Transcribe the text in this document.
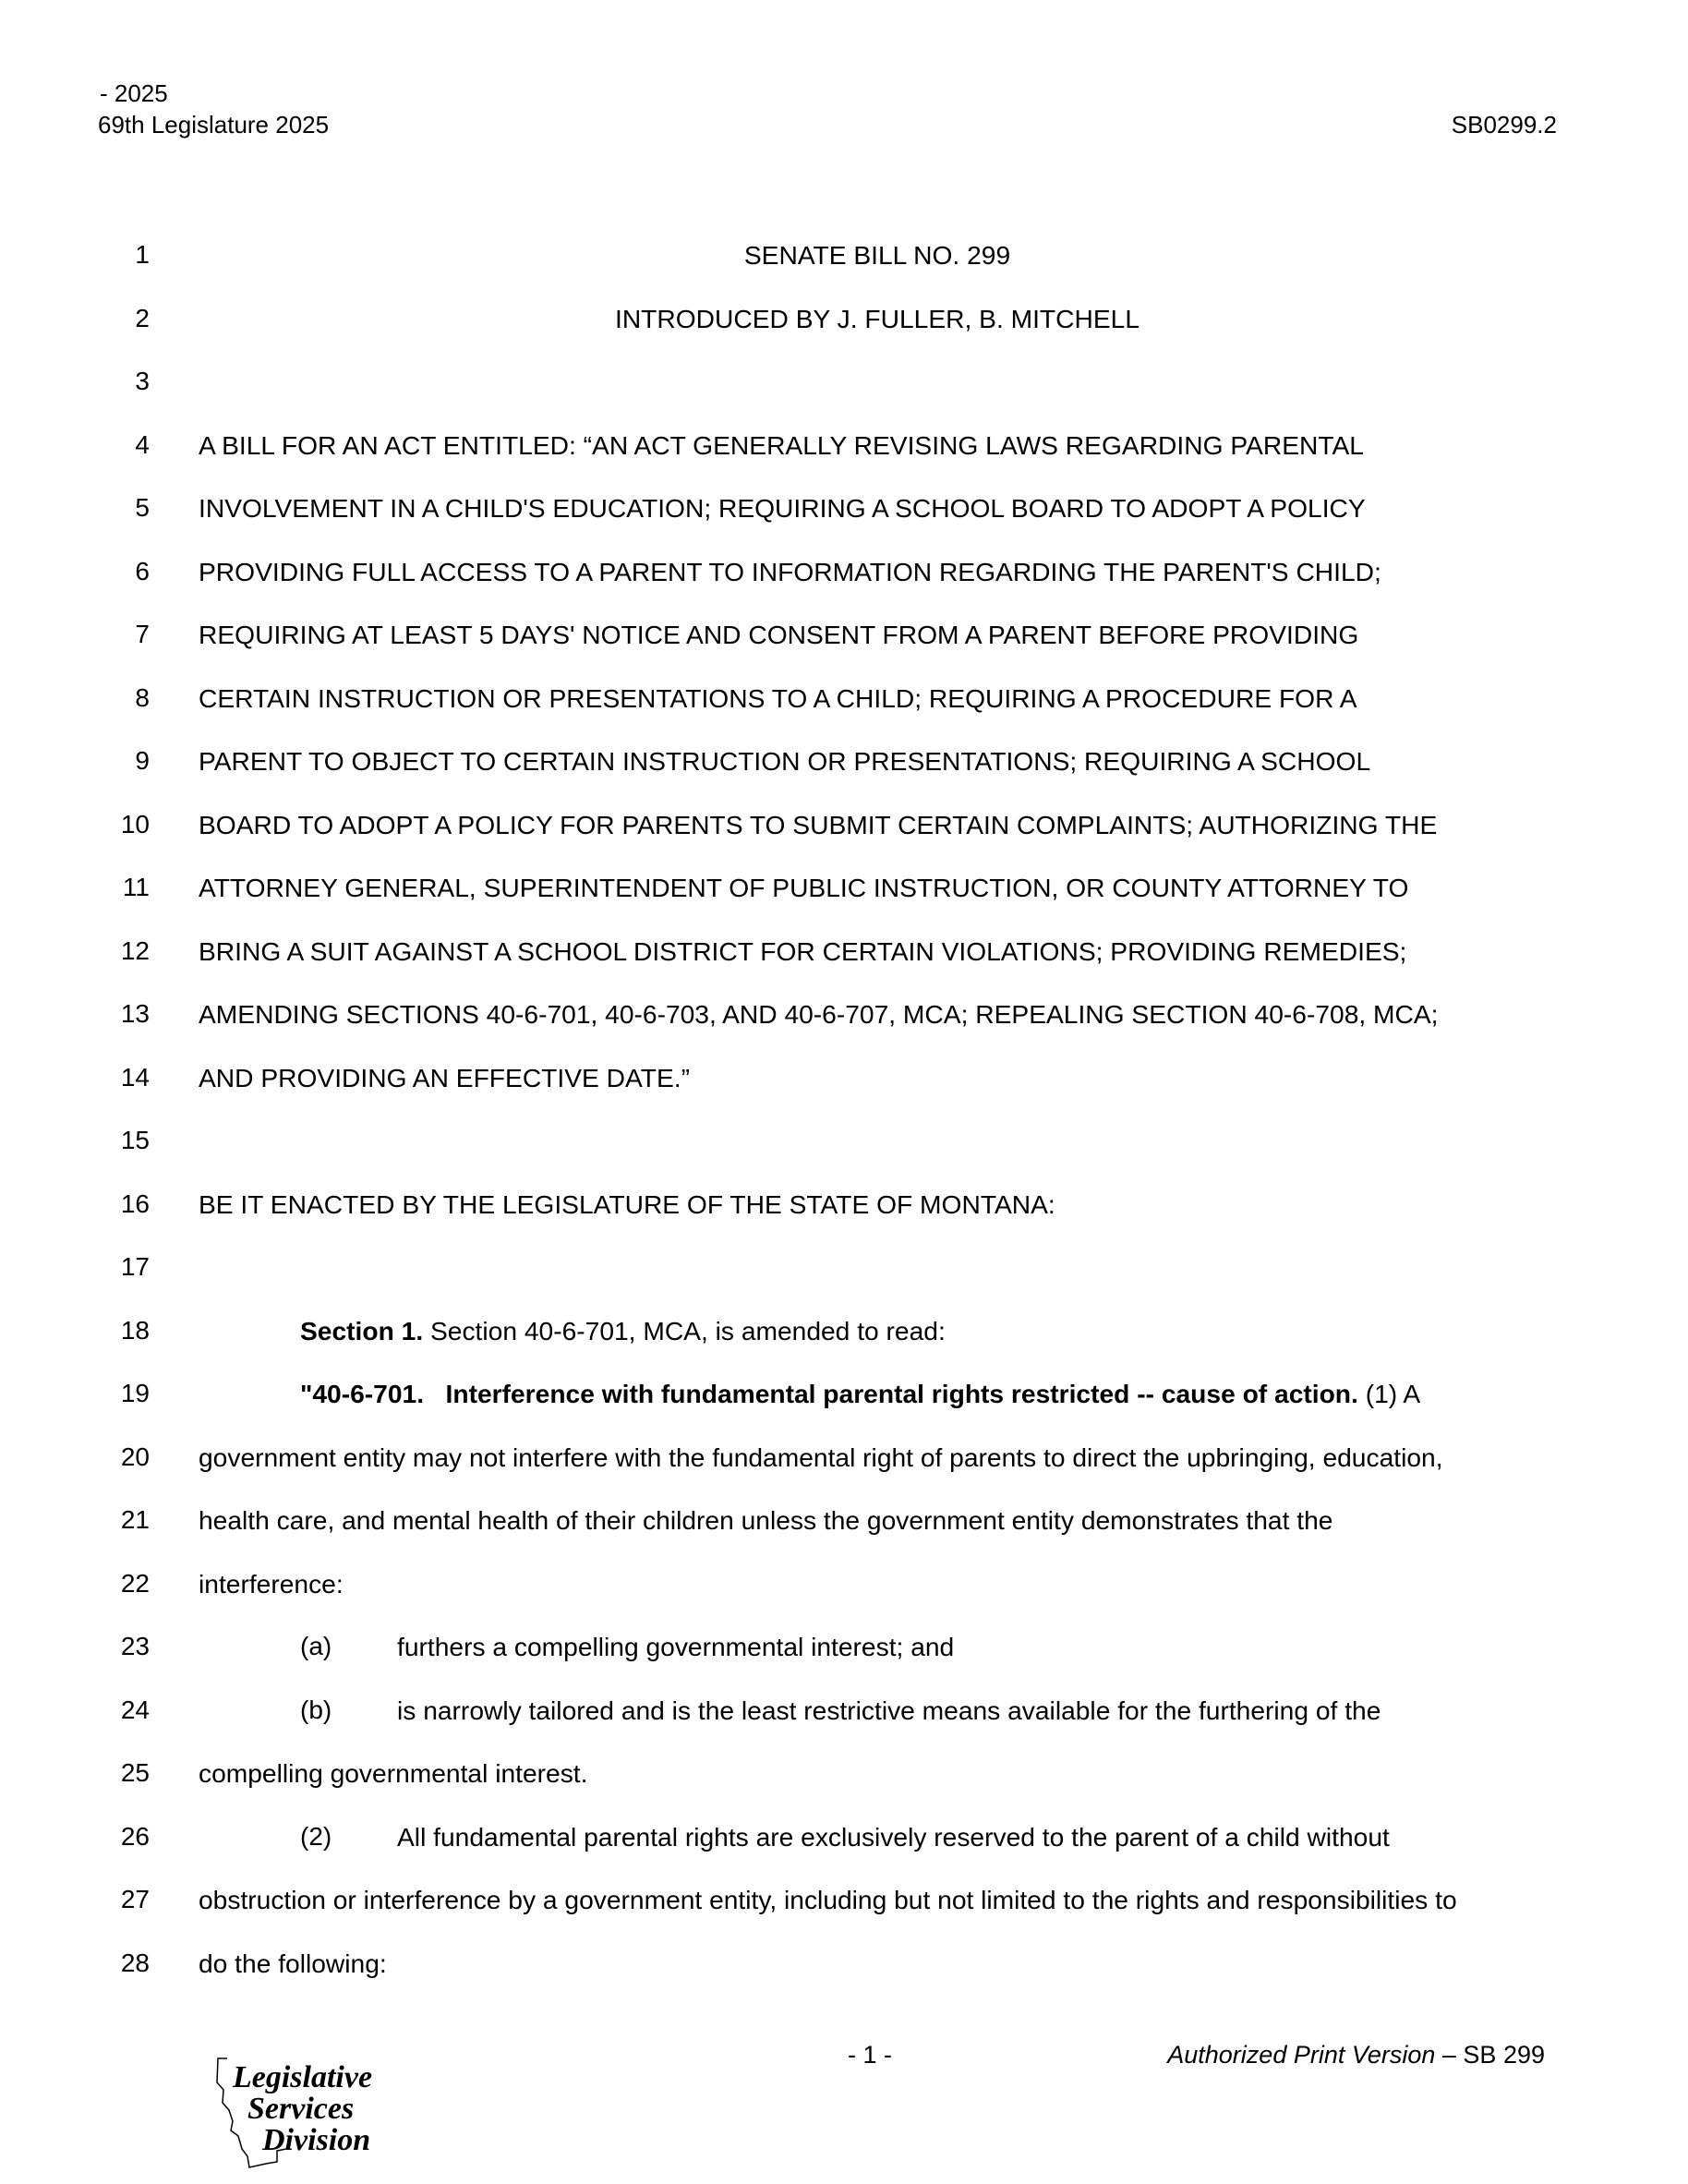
- 2025
69th Legislature 2025	SB0299.2
1	SENATE BILL NO. 299
2	INTRODUCED BY J. FULLER, B. MITCHELL
3
4 A BILL FOR AN ACT ENTITLED: “AN ACT GENERALLY REVISING LAWS REGARDING PARENTAL
5 INVOLVEMENT IN A CHILD'S EDUCATION; REQUIRING A SCHOOL BOARD TO ADOPT A POLICY
6 PROVIDING FULL ACCESS TO A PARENT TO INFORMATION REGARDING THE PARENT'S CHILD;
7 REQUIRING AT LEAST 5 DAYS' NOTICE AND CONSENT FROM A PARENT BEFORE PROVIDING
8 CERTAIN INSTRUCTION OR PRESENTATIONS TO A CHILD; REQUIRING A PROCEDURE FOR A
9 PARENT TO OBJECT TO CERTAIN INSTRUCTION OR PRESENTATIONS; REQUIRING A SCHOOL
10 BOARD TO ADOPT A POLICY FOR PARENTS TO SUBMIT CERTAIN COMPLAINTS; AUTHORIZING THE
11 ATTORNEY GENERAL, SUPERINTENDENT OF PUBLIC INSTRUCTION, OR COUNTY ATTORNEY TO
12 BRING A SUIT AGAINST A SCHOOL DISTRICT FOR CERTAIN VIOLATIONS; PROVIDING REMEDIES;
13 AMENDING SECTIONS 40-6-701, 40-6-703, AND 40-6-707, MCA; REPEALING SECTION 40-6-708, MCA;
14 AND PROVIDING AN EFFECTIVE DATE.”
15
16 BE IT ENACTED BY THE LEGISLATURE OF THE STATE OF MONTANA:
17
18	Section 1. Section 40-6-701, MCA, is amended to read:
19	"40-6-701.   Interference with fundamental parental rights restricted -- cause of action. (1) A
20 government entity may not interfere with the fundamental right of parents to direct the upbringing, education,
21 health care, and mental health of their children unless the government entity demonstrates that the
22 interference:
23	(a)	furthers a compelling governmental interest; and
24	(b)	is narrowly tailored and is the least restrictive means available for the furthering of the
25 compelling governmental interest.
26	(2)	All fundamental parental rights are exclusively reserved to the parent of a child without
27 obstruction or interference by a government entity, including but not limited to the rights and responsibilities to
28 do the following:
Legislative
Services
Division
- 1 -	Authorized Print Version – SB 299
